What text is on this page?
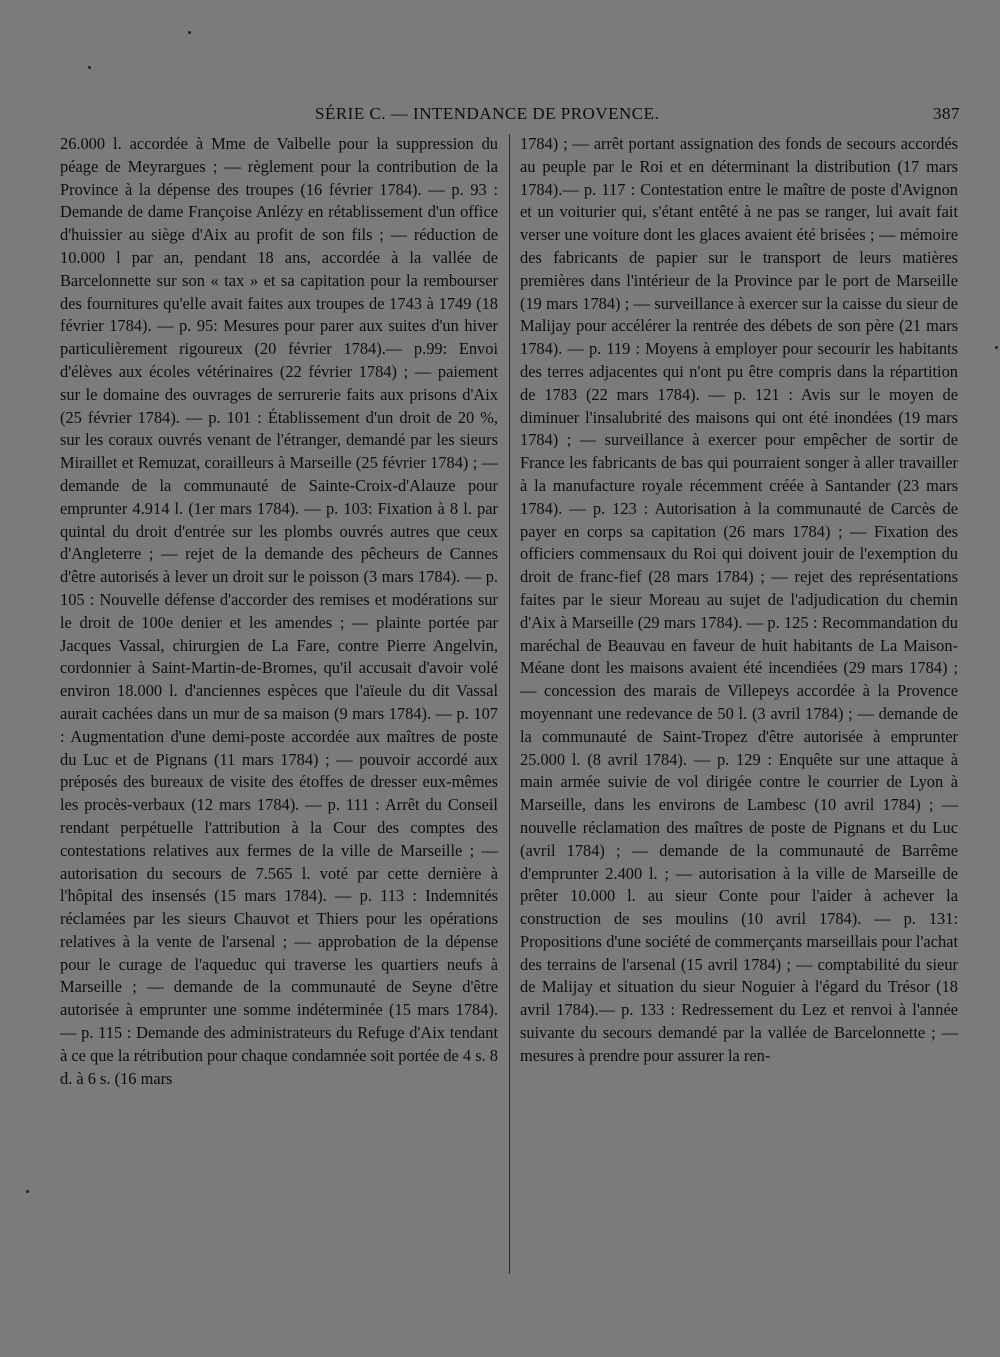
SÉRIE C. — INTENDANCE DE PROVENCE.	387

26.000 l. accordée à Mme de Valbelle pour la suppression du péage de Meyrargues ; — règlement pour la contribution de la Province à la dépense des troupes (16 février 1784). — p. 93 : Demande de dame Françoise Anlézy en rétablissement d'un office d'huissier au siège d'Aix au profit de son fils ; — réduction de 10.000 l par an, pendant 18 ans, accordée à la vallée de Barcelonnette sur son « tax » et sa capitation pour la rembourser des fournitures qu'elle avait faites aux troupes de 1743 à 1749 (18 février 1784). — p. 95: Mesures pour parer aux suites d'un hiver particulièrement rigoureux (20 février 1784).— p.99: Envoi d'élèves aux écoles vétérinaires (22 février 1784) ; — paiement sur le domaine des ouvrages de serrurerie faits aux prisons d'Aix (25 février 1784). — p. 101 : Établissement d'un droit de 20 %, sur les coraux ouvrés venant de l'étranger, demandé par les sieurs Miraillet et Remuzat, corailleurs à Marseille (25 février 1784) ; — demande de la communauté de Sainte-Croix-d'Alauze pour emprunter 4.914 l. (1er mars 1784). — p. 103: Fixation à 8 l. par quintal du droit d'entrée sur les plombs ouvrés autres que ceux d'Angleterre ; — rejet de la demande des pêcheurs de Cannes d'être autorisés à lever un droit sur le poisson (3 mars 1784). — p. 105 : Nouvelle défense d'accorder des remises et modérations sur le droit de 100e denier et les amendes ; — plainte portée par Jacques Vassal, chirurgien de La Fare, contre Pierre Angelvin, cordonnier à Saint-Martin-de-Bromes, qu'il accusait d'avoir volé environ 18.000 l. d'anciennes espèces que l'aïeule du dit Vassal aurait cachées dans un mur de sa maison (9 mars 1784). — p. 107 : Augmentation d'une demi-poste accordée aux maîtres de poste du Luc et de Pignans (11 mars 1784) ; — pouvoir accordé aux préposés des bureaux de visite des étoffes de dresser eux-mêmes les procès-verbaux (12 mars 1784). — p. 111 : Arrêt du Conseil rendant perpétuelle l'attribution à la Cour des comptes des contestations relatives aux fermes de la ville de Marseille ; — autorisation du secours de 7.565 l. voté par cette dernière à l'hôpital des insensés (15 mars 1784). — p. 113 : Indemnités réclamées par les sieurs Chauvot et Thiers pour les opérations relatives à la vente de l'arsenal ; — approbation de la dépense pour le curage de l'aqueduc qui traverse les quartiers neufs à Marseille ; — demande de la communauté de Seyne d'être autorisée à emprunter une somme indéterminée (15 mars 1784). — p. 115 : Demande des administrateurs du Refuge d'Aix tendant à ce que la rétribution pour chaque condamnée soit portée de 4 s. 8 d. à 6 s. (16 mars

1784) ; — arrêt portant assignation des fonds de secours accordés au peuple par le Roi et en déterminant la distribution (17 mars 1784).— p. 117 : Contestation entre le maître de poste d'Avignon et un voiturier qui, s'étant entêté à ne pas se ranger, lui avait fait verser une voiture dont les glaces avaient été brisées ; — mémoire des fabricants de papier sur le transport de leurs matières premières dans l'intérieur de la Province par le port de Marseille (19 mars 1784) ; — surveillance à exercer sur la caisse du sieur de Malijay pour accélérer la rentrée des débets de son père (21 mars 1784). — p. 119 : Moyens à employer pour secourir les habitants des terres adjacentes qui n'ont pu être compris dans la répartition de 1783 (22 mars 1784). — p. 121 : Avis sur le moyen de diminuer l'insalubrité des maisons qui ont été inondées (19 mars 1784) ; — surveillance à exercer pour empêcher de sortir de France les fabricants de bas qui pourraient songer à aller travailler à la manufacture royale récemment créée à Santander (23 mars 1784). — p. 123 : Autorisation à la communauté de Carcès de payer en corps sa capitation (26 mars 1784) ; — Fixation des officiers commensaux du Roi qui doivent jouir de l'exemption du droit de franc-fief (28 mars 1784) ; — rejet des représentations faites par le sieur Moreau au sujet de l'adjudication du chemin d'Aix à Marseille (29 mars 1784). — p. 125 : Recommandation du maréchal de Beauvau en faveur de huit habitants de La Maison-Méane dont les maisons avaient été incendiées (29 mars 1784) ; — concession des marais de Villepeys accordée à la Provence moyennant une redevance de 50 l. (3 avril 1784) ; — demande de la communauté de Saint-Tropez d'être autorisée à emprunter 25.000 l. (8 avril 1784). — p. 129 : Enquête sur une attaque à main armée suivie de vol dirigée contre le courrier de Lyon à Marseille, dans les environs de Lambesc (10 avril 1784) ; — nouvelle réclamation des maîtres de poste de Pignans et du Luc (avril 1784) ; — demande de la communauté de Barrême d'emprunter 2.400 l. ; — autorisation à la ville de Marseille de prêter 10.000 l. au sieur Conte pour l'aider à achever la construction de ses moulins (10 avril 1784). — p. 131: Propositions d'une société de commerçants marseillais pour l'achat des terrains de l'arsenal (15 avril 1784) ; — comptabilité du sieur de Malijay et situation du sieur Noguier à l'égard du Trésor (18 avril 1784).— p. 133 : Redressement du Lez et renvoi à l'année suivante du secours demandé par la vallée de Barcelonnette ; — mesures à prendre pour assurer la ren-
